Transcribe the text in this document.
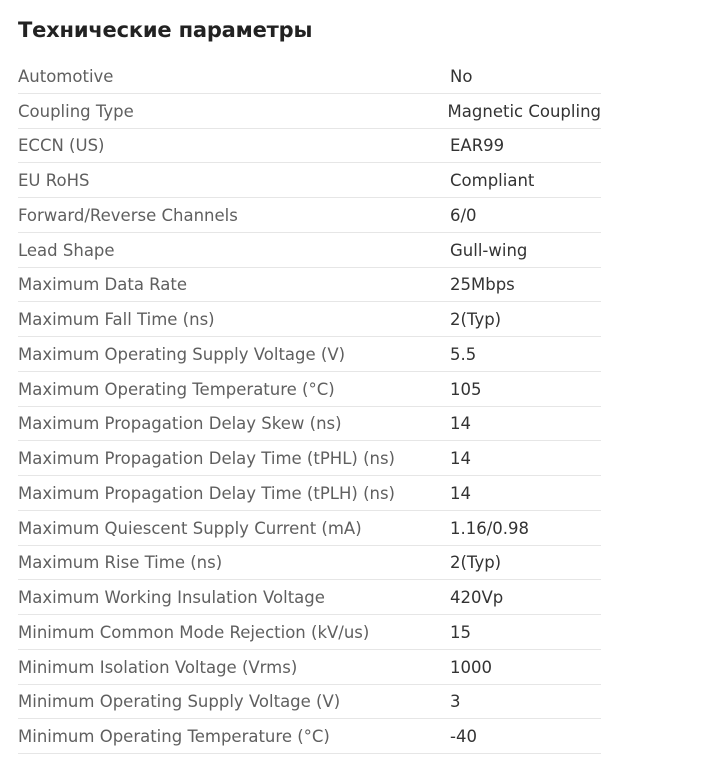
Технические параметры
Automotive	No
Coupling Type	Magnetic Coupling
ECCN (US)	EAR99
EU RoHS	Compliant
Forward/Reverse Channels	6/0
Lead Shape	Gull-wing
Maximum Data Rate	25Mbps
Maximum Fall Time (ns)	2(Typ)
Maximum Operating Supply Voltage (V)	5.5
Maximum Operating Temperature (°C)	105
Maximum Propagation Delay Skew (ns)	14
Maximum Propagation Delay Time (tPHL) (ns)	14
Maximum Propagation Delay Time (tPLH) (ns)	14
Maximum Quiescent Supply Current (mA)	1.16/0.98
Maximum Rise Time (ns)	2(Typ)
Maximum Working Insulation Voltage	420Vp
Minimum Common Mode Rejection (kV/us)	15
Minimum Isolation Voltage (Vrms)	1000
Minimum Operating Supply Voltage (V)	3
Minimum Operating Temperature (°C)	-40
